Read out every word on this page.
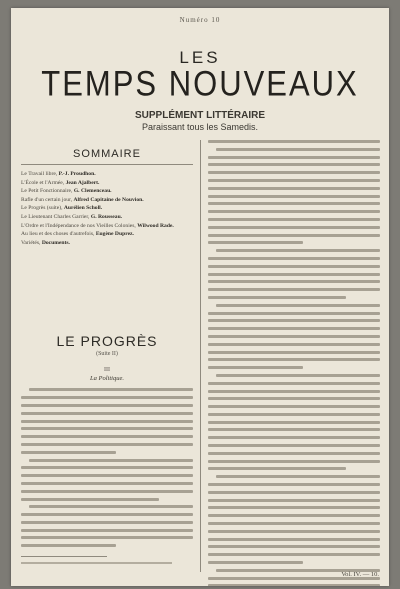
Numéro 10
LES
TEMPS NOUVEAUX
SUPPLÉMENT LITTÉRAIRE
Paraissant tous les Samedis.
SOMMAIRE
Le Travail libre, P.-J. Proudhon.
L'École et l'Armée, Jean Ajalbert.
Le Petit Fonctionnaire, G. Clemenceau.
Rafle d'un certain jour, Alfred Capitaine de Nouvion.
Le Progrès (suite), Aurélien Scholl.
Le Lieutenant Charles Garrier, G. Rousseau.
L'Ordre et l'Indépendance de nos Vieilles Colonies, Wilwood Rade.
Au lieu et des choses d'autrefois, Eugène Duprez.
Variétés, Documents.
LE PROGRÈS
(Suite II)
III
La Politique.
Vol. IV. — 10.
